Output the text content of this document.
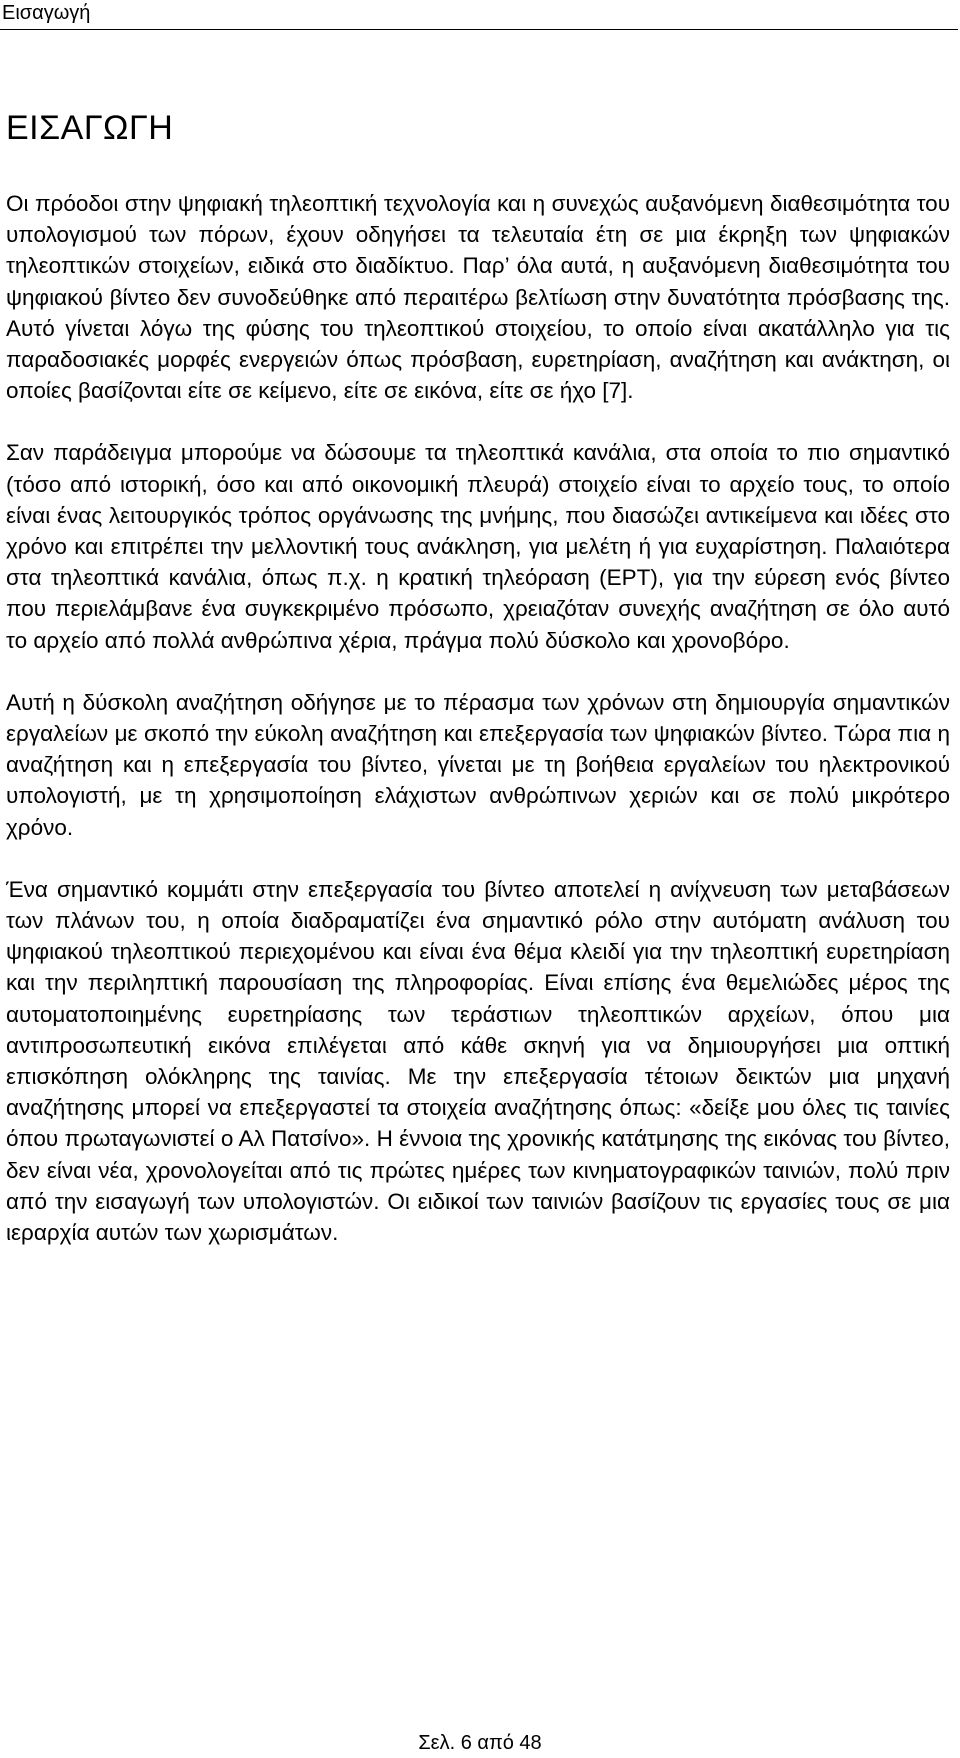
Εισαγωγή
ΕΙΣΑΓΩΓΗ

Οι πρόοδοι στην ψηφιακή τηλεοπτική τεχνολογία και η συνεχώς αυξανόμενη διαθεσιμότητα του υπολογισμού των πόρων, έχουν οδηγήσει τα τελευταία έτη σε μια έκρηξη των ψηφιακών τηλεοπτικών στοιχείων, ειδικά στο διαδίκτυο. Παρ’ όλα αυτά, η αυξανόμενη διαθεσιμότητα του ψηφιακού βίντεο δεν συνοδεύθηκε από περαιτέρω βελτίωση στην δυνατότητα πρόσβασης της. Αυτό γίνεται λόγω της φύσης του τηλεοπτικού στοιχείου, το οποίο είναι ακατάλληλο για τις παραδοσιακές μορφές ενεργειών όπως πρόσβαση, ευρετηρίαση, αναζήτηση και ανάκτηση, οι οποίες βασίζονται είτε σε κείμενο, είτε σε εικόνα, είτε σε ήχο [7].

Σαν παράδειγμα μπορούμε να δώσουμε τα τηλεοπτικά κανάλια, στα οποία το πιο σημαντικό (τόσο από ιστορική, όσο και από οικονομική πλευρά) στοιχείο είναι το αρχείο τους, το οποίο είναι ένας λειτουργικός τρόπος οργάνωσης της μνήμης, που διασώζει αντικείμενα και ιδέες στο χρόνο και επιτρέπει την μελλοντική τους ανάκληση, για μελέτη ή για ευχαρίστηση. Παλαιότερα στα τηλεοπτικά κανάλια, όπως π.χ. η κρατική τηλεόραση (ΕΡΤ), για την εύρεση ενός βίντεο που περιελάμβανε ένα συγκεκριμένο πρόσωπο, χρειαζόταν συνεχής αναζήτηση σε όλο αυτό το αρχείο από πολλά ανθρώπινα χέρια, πράγμα πολύ δύσκολο και χρονοβόρο.

Αυτή η δύσκολη αναζήτηση οδήγησε με το πέρασμα των χρόνων στη δημιουργία σημαντικών εργαλείων με σκοπό την εύκολη αναζήτηση και επεξεργασία των ψηφιακών βίντεο. Τώρα πια η αναζήτηση και η επεξεργασία του βίντεο, γίνεται με τη βοήθεια εργαλείων του ηλεκτρονικού υπολογιστή, με τη χρησιμοποίηση ελάχιστων ανθρώπινων χεριών και σε πολύ μικρότερο χρόνο.

Ένα σημαντικό κομμάτι στην επεξεργασία του βίντεο αποτελεί η ανίχνευση των μεταβάσεων των πλάνων του, η οποία διαδραματίζει ένα σημαντικό ρόλο στην αυτόματη ανάλυση του ψηφιακού τηλεοπτικού περιεχομένου και είναι ένα θέμα κλειδί για την τηλεοπτική ευρετηρίαση και την περιληπτική παρουσίαση της πληροφορίας. Είναι επίσης ένα θεμελιώδες μέρος της αυτοματοποιημένης ευρετηρίασης των τεράστιων τηλεοπτικών αρχείων, όπου μια αντιπροσωπευτική εικόνα επιλέγεται από κάθε σκηνή για να δημιουργήσει μια οπτική επισκόπηση ολόκληρης της ταινίας. Με την επεξεργασία τέτοιων δεικτών μια μηχανή αναζήτησης μπορεί να επεξεργαστεί τα στοιχεία αναζήτησης όπως: «δείξε μου όλες τις ταινίες όπου πρωταγωνιστεί ο Αλ Πατσίνο». Η έννοια της χρονικής κατάτμησης της εικόνας του βίντεο, δεν είναι νέα, χρονολογείται από τις πρώτες ημέρες των κινηματογραφικών ταινιών, πολύ πριν από την εισαγωγή των υπολογιστών. Οι ειδικοί των ταινιών βασίζουν τις εργασίες τους σε μια ιεραρχία αυτών των χωρισμάτων.

Σελ. 6 από 48
